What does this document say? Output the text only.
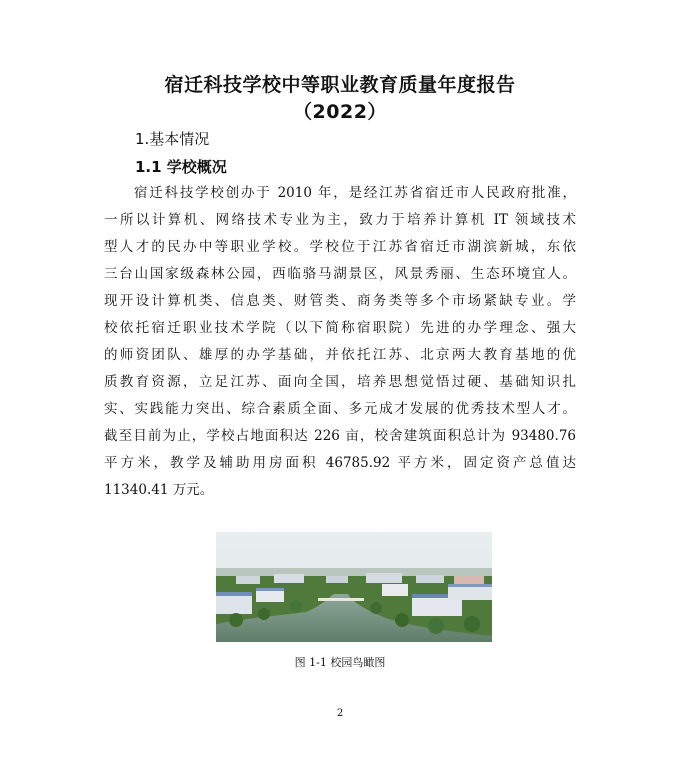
宿迁科技学校中等职业教育质量年度报告
（2022）
1.基本情况
1.1 学校概况
宿迁科技学校创办于 2010 年，是经江苏省宿迁市人民政府批准，
一所以计算机、网络技术专业为主，致力于培养计算机 IT 领域技术
型人才的民办中等职业学校。学校位于江苏省宿迁市湖滨新城，东依
三台山国家级森林公园，西临骆马湖景区，风景秀丽、生态环境宜人。
现开设计算机类、信息类、财管类、商务类等多个市场紧缺专业。学
校依托宿迁职业技术学院（以下简称宿职院）先进的办学理念、强大
的师资团队、雄厚的办学基础，并依托江苏、北京两大教育基地的优
质教育资源，立足江苏、面向全国，培养思想觉悟过硬、基础知识扎
实、实践能力突出、综合素质全面、多元成才发展的优秀技术型人才。
截至目前为止，学校占地面积达 226 亩，校舍建筑面积总计为 93480.76
平方米，教学及辅助用房面积 46785.92 平方米，固定资产总值达
11340.41 万元。
图 1-1 校园鸟瞰图
2
